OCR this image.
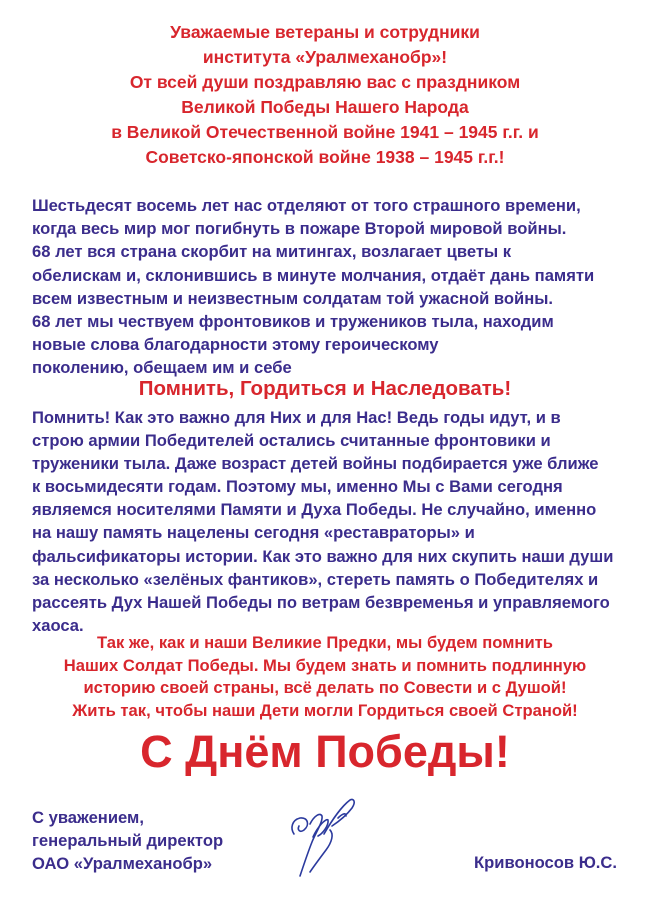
Уважаемые ветераны и сотрудники
института «Уралмеханобр»!
От всей души поздравляю вас с праздником
Великой Победы Нашего Народа
в Великой Отечественной войне 1941 – 1945 г.г. и
Советско-японской войне 1938 – 1945 г.г.!
Шестьдесят восемь лет нас отделяют от того страшного времени,
когда весь мир мог погибнуть в пожаре Второй мировой войны.
68 лет вся страна скорбит на митингах, возлагает цветы к
обелискам и, склонившись в минуте молчания, отдаёт дань памяти
всем известным и неизвестным солдатам той ужасной войны.
68 лет мы чествуем фронтовиков и тружеников тыла, находим
новые слова благодарности этому героическому
поколению, обещаем им и себе
Помнить, Гордиться и Наследовать!
Помнить! Как это важно для Них и для Нас! Ведь годы идут, и в
строю армии Победителей остались считанные фронтовики и
труженики тыла. Даже возраст детей войны подбирается уже ближе
к восьмидесяти годам. Поэтому мы, именно Мы с Вами сегодня
являемся носителями Памяти и Духа Победы. Не случайно, именно
на нашу память нацелены сегодня «реставраторы» и
фальсификаторы истории. Как это важно для них скупить наши души
за несколько «зелёных фантиков», стереть память о Победителях и
рассеять Дух Нашей Победы по ветрам безвременья и управляемого
хаоса.
Так же, как и наши Великие Предки, мы будем помнить
Наших Солдат Победы. Мы будем знать и помнить подлинную
историю своей страны, всё делать по Совести и с Душой!
Жить так, чтобы наши Дети могли Гордиться своей Страной!
С Днём Победы!
С уважением,
генеральный директор
ОАО «Уралмеханобр»	Кривоносов Ю.С.
